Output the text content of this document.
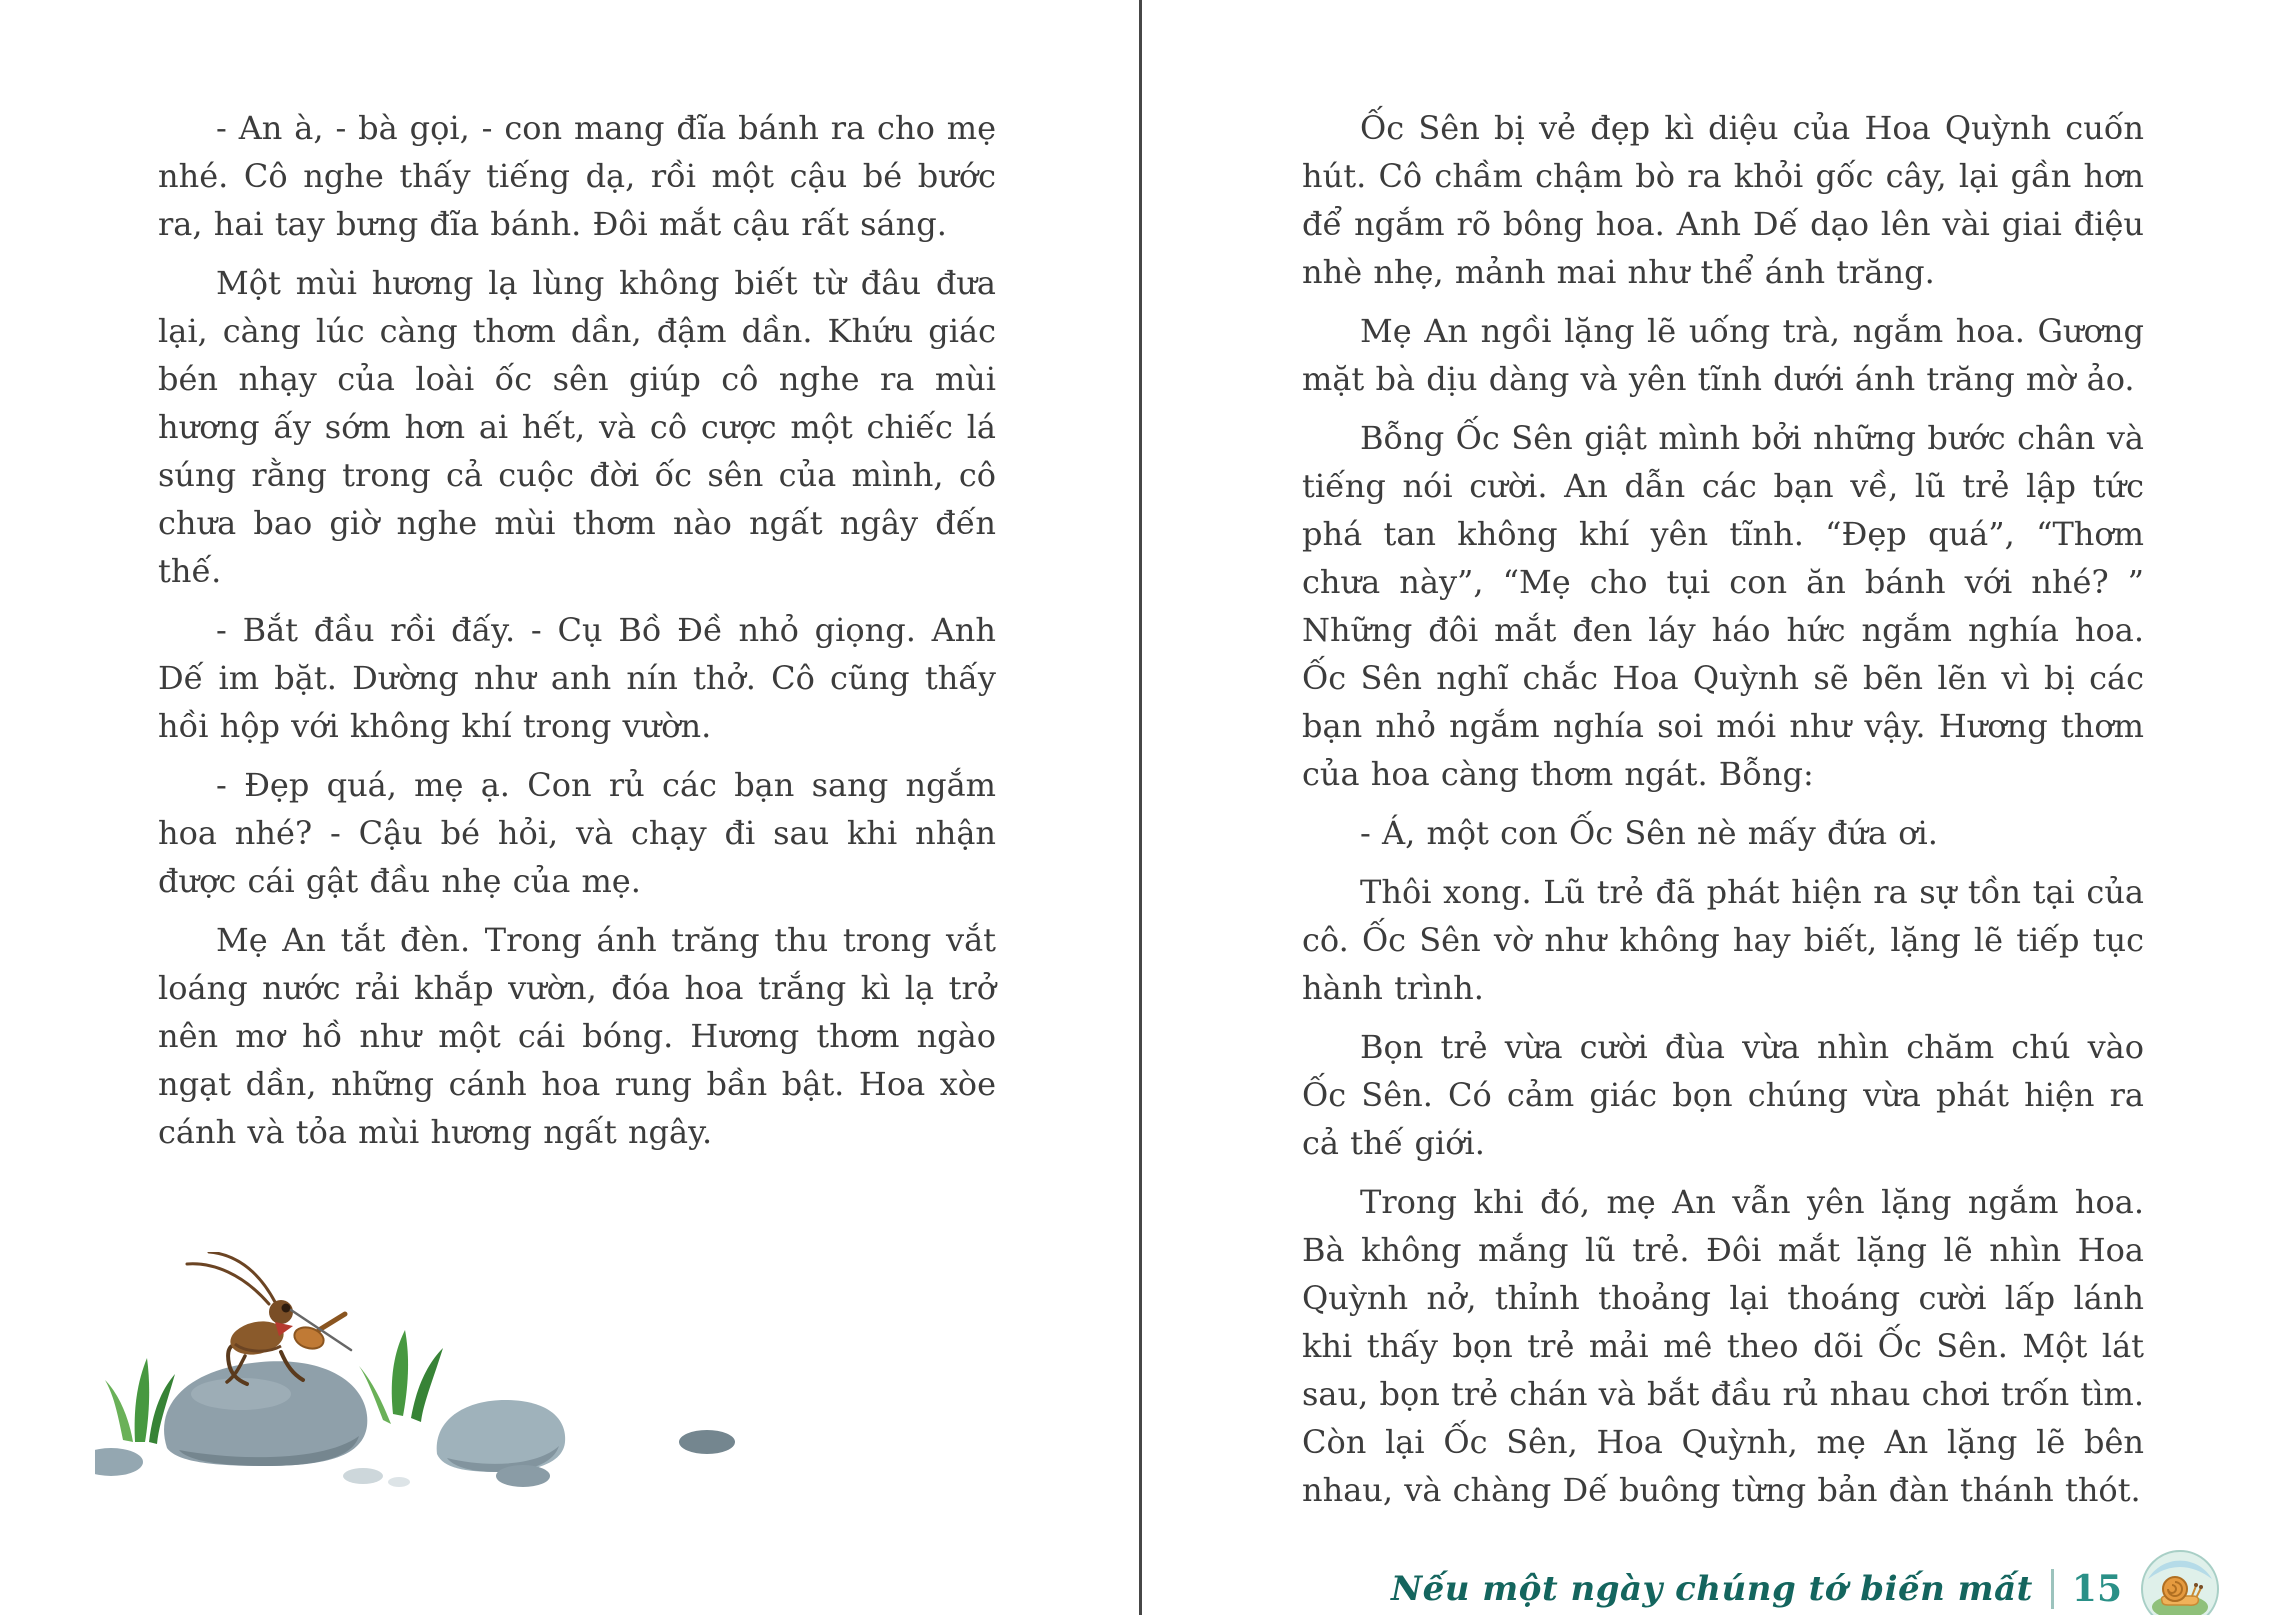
- An à, - bà gọi, - con mang đĩa bánh ra cho mẹ nhé. Cô nghe thấy tiếng dạ, rồi một cậu bé bước ra, hai tay bưng đĩa bánh. Đôi mắt cậu rất sáng.

Một mùi hương lạ lùng không biết từ đâu đưa lại, càng lúc càng thơm dần, đậm dần. Khứu giác bén nhạy của loài ốc sên giúp cô nghe ra mùi hương ấy sớm hơn ai hết, và cô cược một chiếc lá súng rằng trong cả cuộc đời ốc sên của mình, cô chưa bao giờ nghe mùi thơm nào ngất ngây đến thế.

- Bắt đầu rồi đấy. - Cụ Bồ Đề nhỏ giọng. Anh Dế im bặt. Dường như anh nín thở. Cô cũng thấy hồi hộp với không khí trong vườn.

- Đẹp quá, mẹ ạ. Con rủ các bạn sang ngắm hoa nhé? - Cậu bé hỏi, và chạy đi sau khi nhận được cái gật đầu nhẹ của mẹ.

Mẹ An tắt đèn. Trong ánh trăng thu trong vắt loáng nước rải khắp vườn, đóa hoa trắng kì lạ trở nên mơ hồ như một cái bóng. Hương thơm ngào ngạt dần, những cánh hoa rung bần bật. Hoa xòe cánh và tỏa mùi hương ngất ngây.

Ốc Sên bị vẻ đẹp kì diệu của Hoa Quỳnh cuốn hút. Cô chầm chậm bò ra khỏi gốc cây, lại gần hơn để ngắm rõ bông hoa. Anh Dế dạo lên vài giai điệu nhè nhẹ, mảnh mai như thể ánh trăng.

Mẹ An ngồi lặng lẽ uống trà, ngắm hoa. Gương mặt bà dịu dàng và yên tĩnh dưới ánh trăng mờ ảo.

Bỗng Ốc Sên giật mình bởi những bước chân và tiếng nói cười. An dẫn các bạn về, lũ trẻ lập tức phá tan không khí yên tĩnh. “Đẹp quá”, “Thơm chưa này”, “Mẹ cho tụi con ăn bánh với nhé? ” Những đôi mắt đen láy háo hức ngắm nghía hoa. Ốc Sên nghĩ chắc Hoa Quỳnh sẽ bẽn lẽn vì bị các bạn nhỏ ngắm nghía soi mói như vậy. Hương thơm của hoa càng thơm ngát. Bỗng:

- Á, một con Ốc Sên nè mấy đứa ơi.

Thôi xong. Lũ trẻ đã phát hiện ra sự tồn tại của cô. Ốc Sên vờ như không hay biết, lặng lẽ tiếp tục hành trình.

Bọn trẻ vừa cười đùa vừa nhìn chăm chú vào Ốc Sên. Có cảm giác bọn chúng vừa phát hiện ra cả thế giới.

Trong khi đó, mẹ An vẫn yên lặng ngắm hoa. Bà không mắng lũ trẻ. Đôi mắt lặng lẽ nhìn Hoa Quỳnh nở, thỉnh thoảng lại thoáng cười lấp lánh khi thấy bọn trẻ mải mê theo dõi Ốc Sên. Một lát sau, bọn trẻ chán và bắt đầu rủ nhau chơi trốn tìm. Còn lại Ốc Sên, Hoa Quỳnh, mẹ An lặng lẽ bên nhau, và chàng Dế buông từng bản đàn thánh thót.

Nếu một ngày chúng tớ biến mất 15
